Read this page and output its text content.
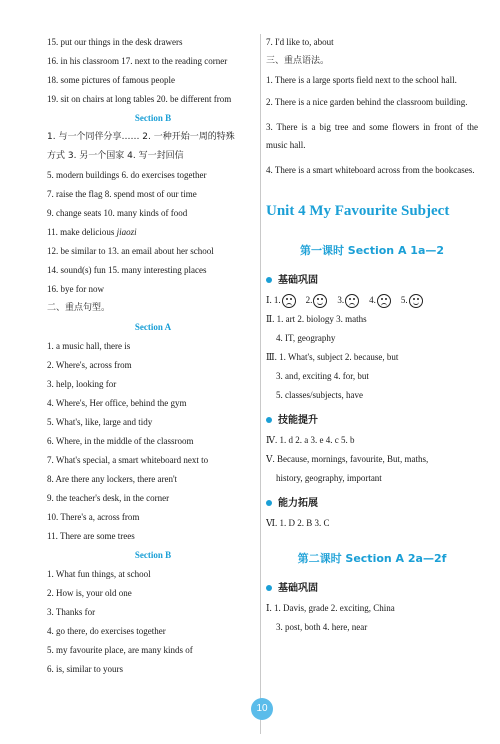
15. put our things in the desk drawers
16. in his classroom 17. next to the reading corner
18. some pictures of famous people
19. sit on chairs at long tables 20. be different from
Section B
1. 与一个同伴分享…… 2. 一种开始一周的特殊
方式 3. 另一个国家 4. 写一封回信
5. modern buildings 6. do exercises together
7. raise the flag 8. spend most of our time
9. change seats 10. many kinds of food
11. make delicious jiaozi
12. be similar to 13. an email about her school
14. sound(s) fun 15. many interesting places
16. bye for now
二、重点句型。
Section A
1. a music hall, there is
2. Where's, across from
3. help, looking for
4. Where's, Her office, behind the gym
5. What's, like, large and tidy
6. Where, in the middle of the classroom
7. What's special, a smart whiteboard next to
8. Are there any lockers, there aren't
9. the teacher's desk, in the corner
10. There's a, across from
11. There are some trees
Section B
1. What fun things, at school
2. How is, your old one
3. Thanks for
4. go there, do exercises together
5. my favourite place, are many kinds of
6. is, similar to yours
7. I'd like to, about
三、重点语法。
1. There is a large sports field next to the school hall.
2. There is a nice garden behind the classroom building.
3. There is a big tree and some flowers in front of the music hall.
4. There is a smart whiteboard across from the bookcases.
Unit 4 My Favourite Subject
第一课时 Section A 1a—2
基础巩固
Ⅰ. 1.	2.	3.	4.	5.
Ⅱ. 1. art 2. biology 3. maths
4. IT, geography
Ⅲ. 1. What's, subject 2. because, but
3. and, exciting 4. for, but
5. classes/subjects, have
技能提升
Ⅳ. 1. d 2. a 3. e 4. c 5. b
Ⅴ. Because, mornings, favourite, But, maths,
history, geography, important
能力拓展
Ⅵ. 1. D 2. B 3. C
第二课时 Section A 2a—2f
基础巩固
Ⅰ. 1. Davis, grade 2. exciting, China
3. post, both 4. here, near
10
